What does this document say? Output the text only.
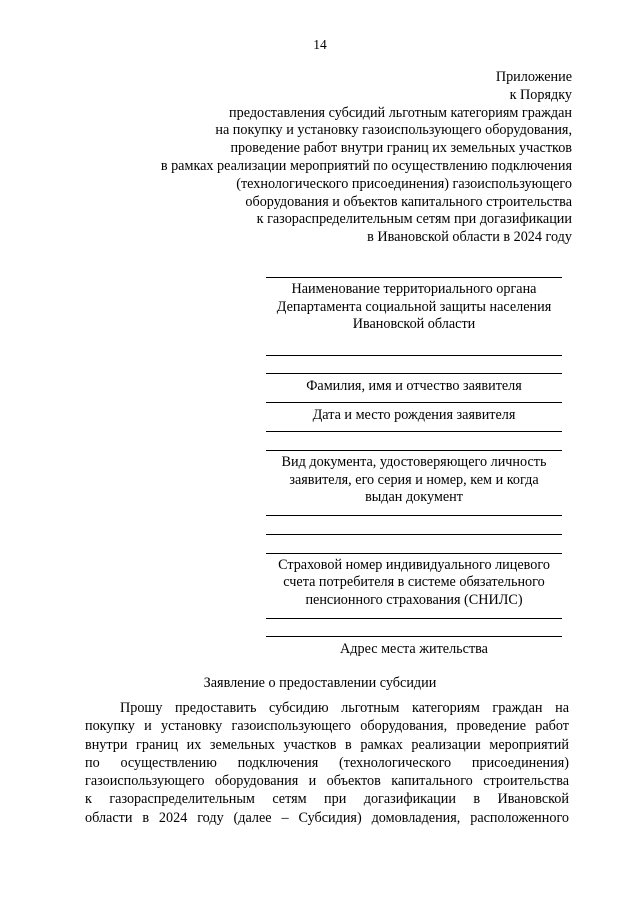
14
Приложение
к Порядку
предоставления субсидий льготным категориям граждан
на покупку и установку газоиспользующего оборудования,
проведение работ внутри границ их земельных участков
в рамках реализации мероприятий по осуществлению подключения
(технологического присоединения) газоиспользующего
оборудования и объектов капитального строительства
к газораспределительным сетям при догазификации
в Ивановской области в 2024 году
Наименование территориального органа
Департамента социальной защиты населения
Ивановской области
Фамилия, имя и отчество заявителя
Дата и место рождения заявителя
Вид документа, удостоверяющего личность
заявителя, его серия и номер, кем и когда
выдан документ
Страховой номер индивидуального лицевого
счета потребителя в системе обязательного
пенсионного страхования (СНИЛС)
Адрес места жительства
Заявление о предоставлении субсидии
Прошу предоставить субсидию льготным категориям граждан на
покупку и установку газоиспользующего оборудования, проведение работ
внутри границ их земельных участков в рамках реализации мероприятий
по осуществлению подключения (технологического присоединения)
газоиспользующего оборудования и объектов капитального строительства
к газораспределительным сетям при догазификации в Ивановской
области в 2024 году (далее – Субсидия) домовладения, расположенного
